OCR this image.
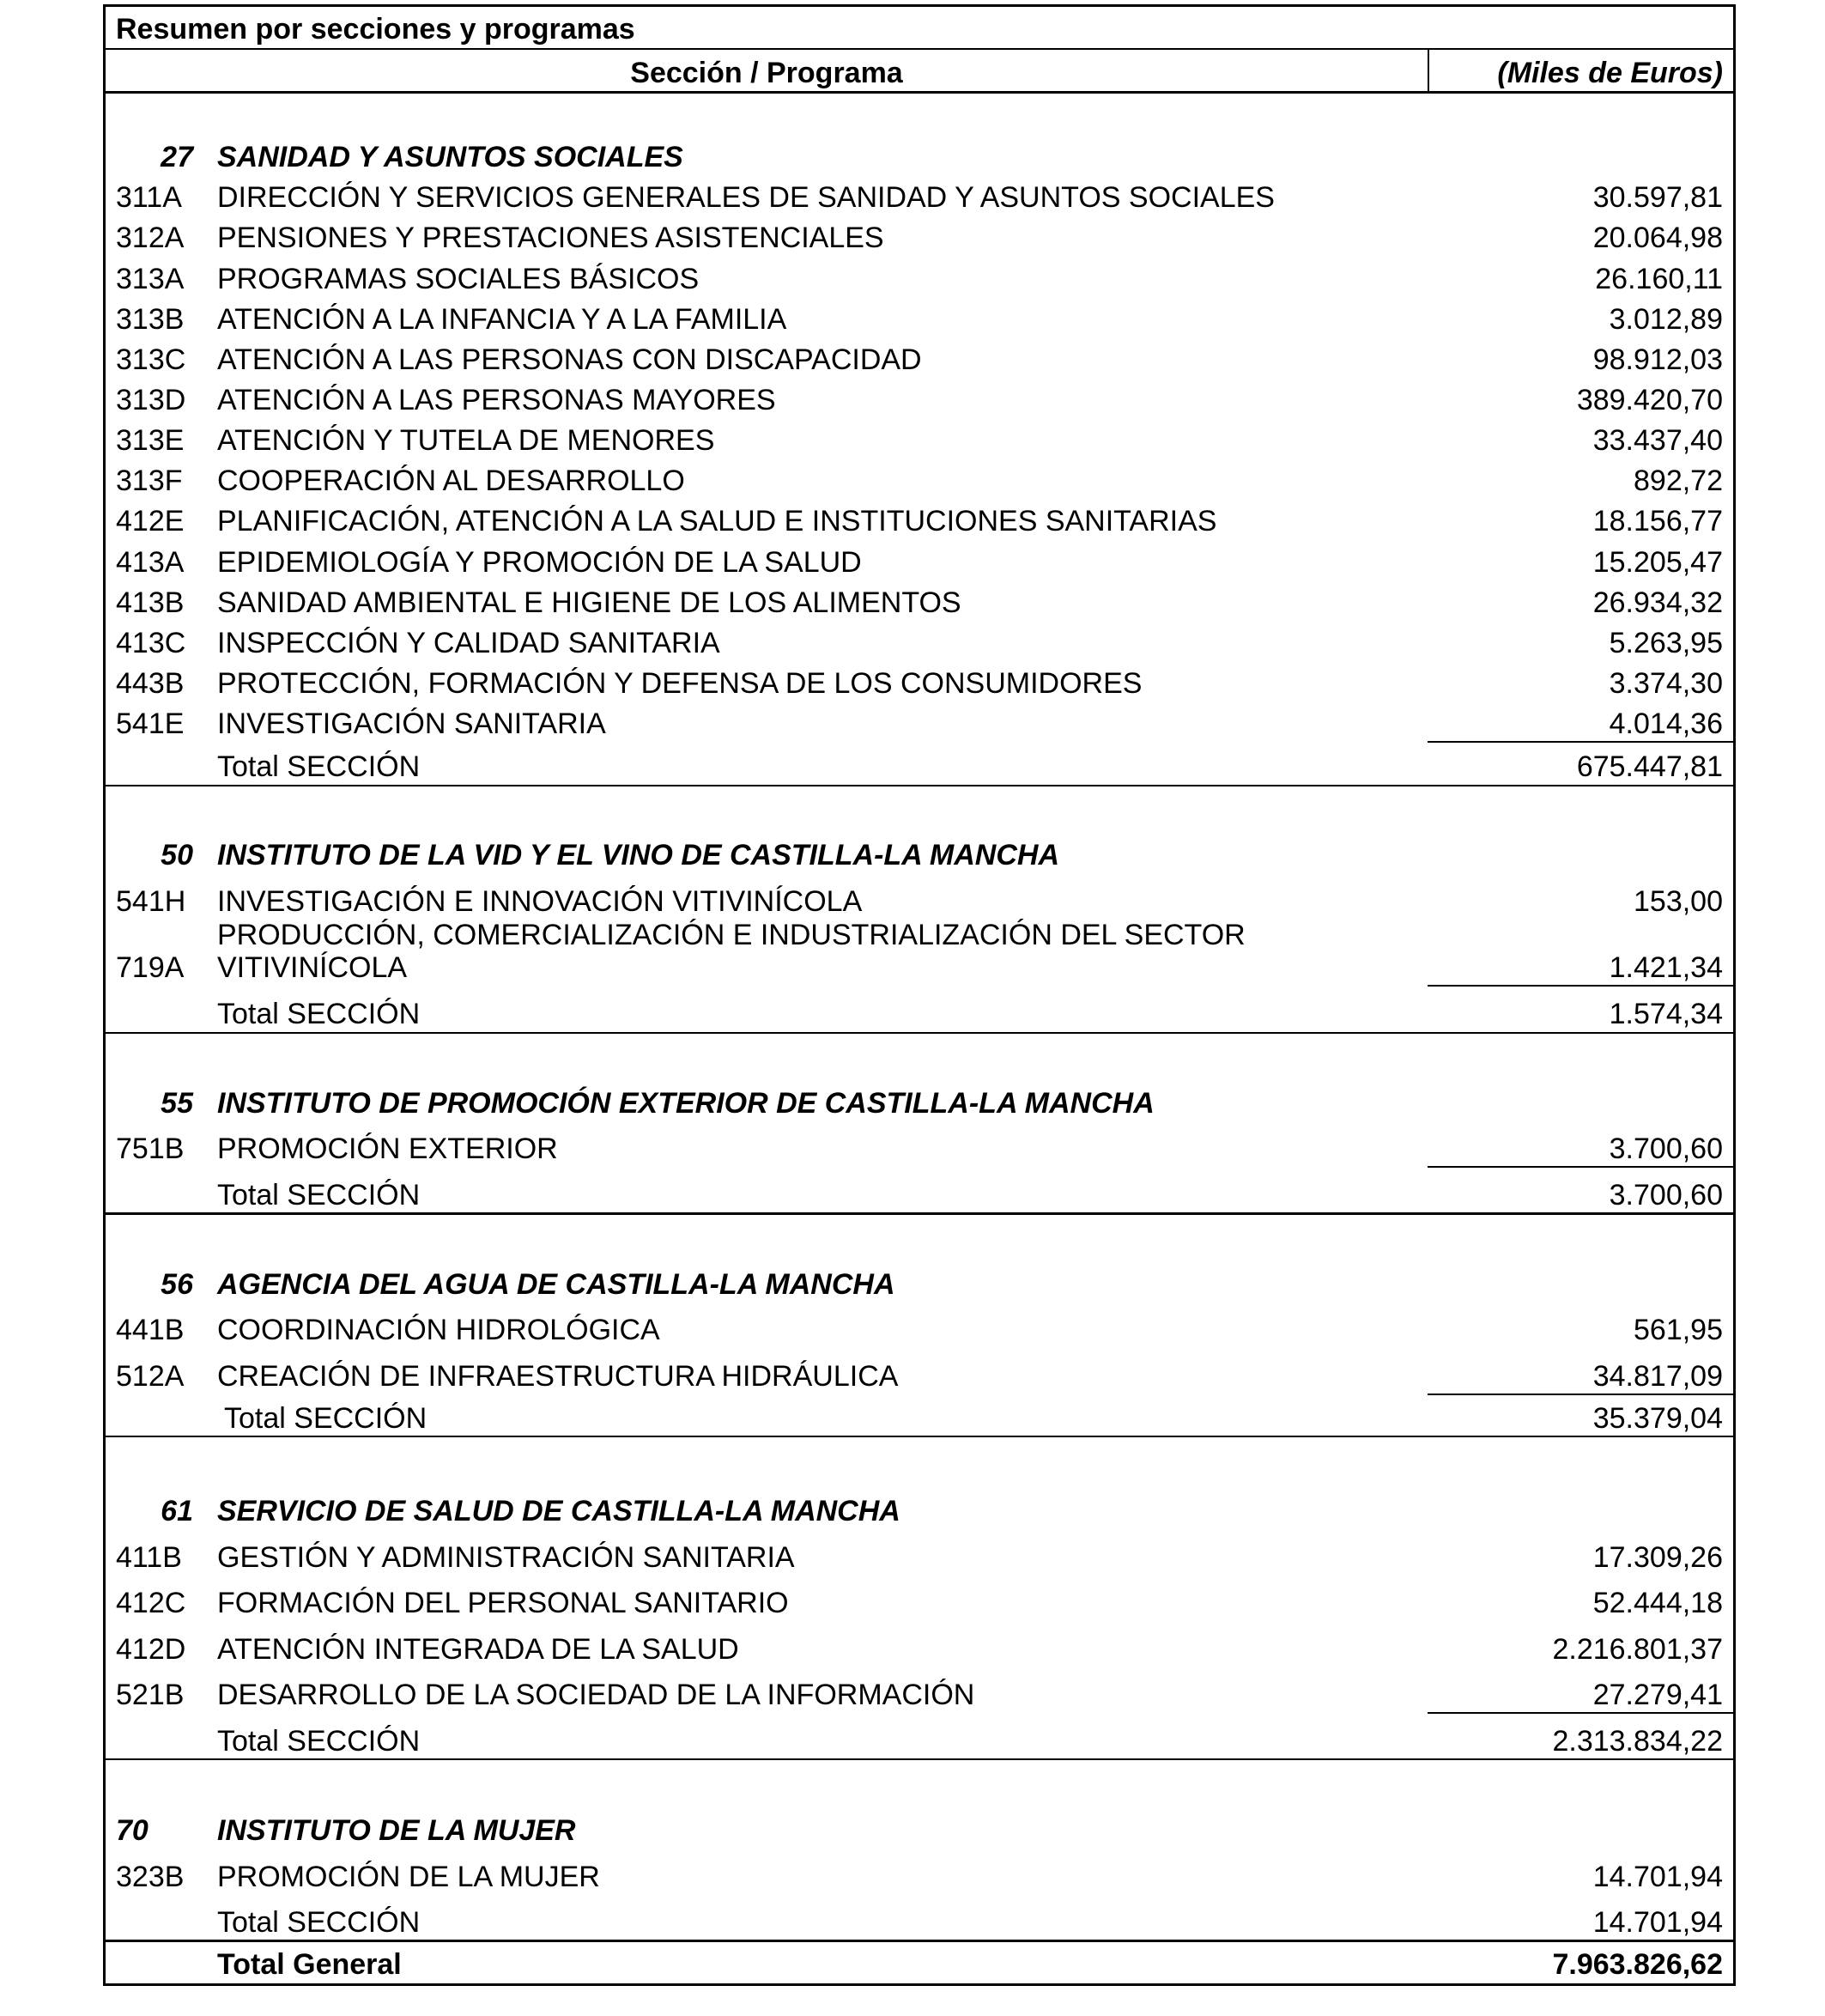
Resumen por secciones y programas
Sección / Programa	(Miles de Euros)
27 SANIDAD Y ASUNTOS SOCIALES
311A DIRECCIÓN Y SERVICIOS GENERALES DE SANIDAD Y ASUNTOS SOCIALES	30.597,81
312A PENSIONES Y PRESTACIONES ASISTENCIALES	20.064,98
313A PROGRAMAS SOCIALES BÁSICOS	26.160,11
313B ATENCIÓN A LA INFANCIA Y A LA FAMILIA	3.012,89
313C ATENCIÓN A LAS PERSONAS CON DISCAPACIDAD	98.912,03
313D ATENCIÓN A LAS PERSONAS MAYORES	389.420,70
313E ATENCIÓN Y TUTELA DE MENORES	33.437,40
313F COOPERACIÓN AL DESARROLLO	892,72
412E PLANIFICACIÓN, ATENCIÓN A LA SALUD E INSTITUCIONES SANITARIAS	18.156,77
413A EPIDEMIOLOGÍA Y PROMOCIÓN DE LA SALUD	15.205,47
413B SANIDAD AMBIENTAL E HIGIENE DE LOS ALIMENTOS	26.934,32
413C INSPECCIÓN Y CALIDAD SANITARIA	5.263,95
443B PROTECCIÓN, FORMACIÓN Y DEFENSA DE LOS CONSUMIDORES	3.374,30
541E INVESTIGACIÓN SANITARIA	4.014,36
Total SECCIÓN	675.447,81
50 INSTITUTO DE LA VID Y EL VINO DE CASTILLA-LA MANCHA
541H INVESTIGACIÓN E INNOVACIÓN VITIVINÍCOLA	153,00
PRODUCCIÓN, COMERCIALIZACIÓN E INDUSTRIALIZACIÓN DEL SECTOR
719A VITIVINÍCOLA	1.421,34
Total SECCIÓN	1.574,34
55 INSTITUTO DE PROMOCIÓN EXTERIOR DE CASTILLA-LA MANCHA
751B PROMOCIÓN EXTERIOR	3.700,60
Total SECCIÓN	3.700,60
56 AGENCIA DEL AGUA DE CASTILLA-LA MANCHA
441B COORDINACIÓN HIDROLÓGICA	561,95
512A CREACIÓN DE INFRAESTRUCTURA HIDRÁULICA	34.817,09
Total SECCIÓN	35.379,04
61 SERVICIO DE SALUD DE CASTILLA-LA MANCHA
411B GESTIÓN Y ADMINISTRACIÓN SANITARIA	17.309,26
412C FORMACIÓN DEL PERSONAL SANITARIO	52.444,18
412D ATENCIÓN INTEGRADA DE LA SALUD	2.216.801,37
521B DESARROLLO DE LA SOCIEDAD DE LA INFORMACIÓN	27.279,41
Total SECCIÓN	2.313.834,22
70 INSTITUTO DE LA MUJER
323B PROMOCIÓN DE LA MUJER	14.701,94
Total SECCIÓN	14.701,94
Total General	7.963.826,62
